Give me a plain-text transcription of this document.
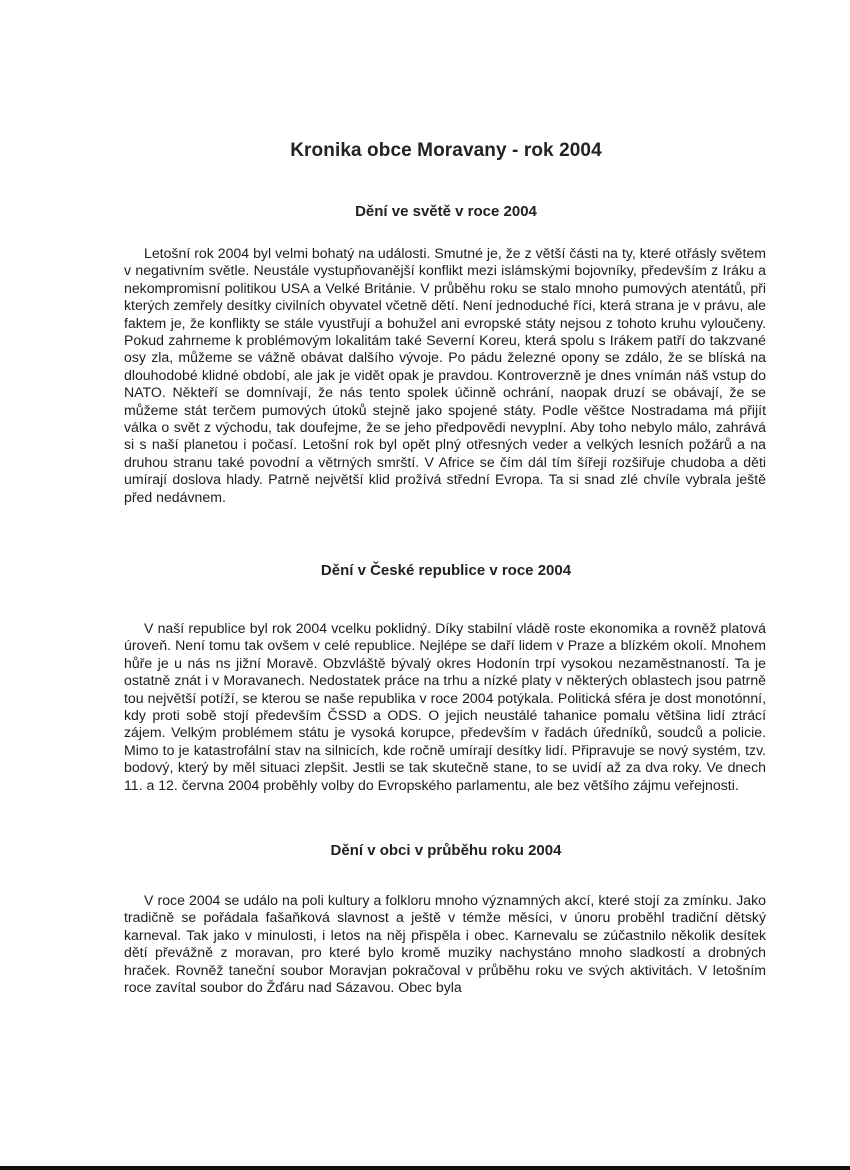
Kronika obce Moravany - rok 2004
Dění ve světě v roce 2004

Letošní rok 2004 byl velmi bohatý na události. Smutné je, že z větší části na ty, které otřásly světem v negativním světle. Neustále vystupňovanější konflikt mezi islámskými bojovníky, především z Iráku a nekompromisní politikou USA a Velké Británie. V průběhu roku se stalo mnoho pumových atentátů, při kterých zemřely desítky civilních obyvatel včetně dětí. Není jednoduché říci, která strana je v právu, ale faktem je, že konflikty se stále vyustřují a bohužel ani evropské státy nejsou z tohoto kruhu vyloučeny. Pokud zahrneme k problémovým lokalitám také Severní Koreu, která spolu s Irákem patří do takzvané osy zla, můžeme se vážně obávat dalšího vývoje. Po pádu železné opony se zdálo, že se blíská na dlouhodobé klidné období, ale jak je vidět opak je pravdou. Kontroverzně je dnes vnímán náš vstup do NATO. Někteří se domnívají, že nás tento spolek účinně ochrání, naopak druzí se obávají, že se můžeme stát terčem pumových útoků stejně jako spojené státy. Podle věštce Nostradama má přijít válka o svět z východu, tak doufejme, že se jeho předpovědi nevyplní. Aby toho nebylo málo, zahrává si s naší planetou i počasí. Letošní rok byl opět plný otřesných veder a velkých lesních požárů a na druhou stranu také povodní a větrných smrští. V Africe se čím dál tím šířeji rozšiřuje chudoba a děti umírají doslova hlady. Patrně největší klid prožívá střední Evropa. Ta si snad zlé chvíle vybrala ještě před nedávnem.

Dění v České republice v roce 2004

V naší republice byl rok 2004 vcelku poklidný. Díky stabilní vládě roste ekonomika a rovněž platová úroveň. Není tomu tak ovšem v celé republice. Nejlépe se daří lidem v Praze a blízkém okolí. Mnohem hůře je u nás ns jižní Moravě. Obzvláště bývalý okres Hodonín trpí vysokou nezaměstnaností. Ta je ostatně znát i v Moravanech. Nedostatek práce na trhu a nízké platy v některých oblastech jsou patrně tou největší potíží, se kterou se naše republika v roce 2004 potýkala. Politická sféra je dost monotónní, kdy proti sobě stojí především ČSSD a ODS. O jejich neustálé tahanice pomalu většina lidí ztrácí zájem. Velkým problémem státu je vysoká korupce, především v řadách úředníků, soudců a policie. Mimo to je katastrofální stav na silnicích, kde ročně umírají desítky lidí. Připravuje se nový systém, tzv. bodový, který by měl situaci zlepšit. Jestli se tak skutečně stane, to se uvidí až za dva roky. Ve dnech 11. a 12. června 2004 proběhly volby do Evropského parlamentu, ale bez většího zájmu veřejnosti.

Dění v obci v průběhu roku 2004

V roce 2004 se událo na poli kultury a folkloru mnoho významných akcí, které stojí za zmínku. Jako tradičně se pořádala fašaňková slavnost a ještě v témže měsíci, v únoru proběhl tradiční dětský karneval. Tak jako v minulosti, i letos na něj přispěla i obec. Karnevalu se zúčastnilo několik desítek dětí převážně z moravan, pro které bylo kromě muziky nachystáno mnoho sladkostí a drobných hraček. Rovněž taneční soubor Moravjan pokračoval v průběhu roku ve svých aktivitách. V letošním roce zavítal soubor do Žďáru nad Sázavou. Obec byla
